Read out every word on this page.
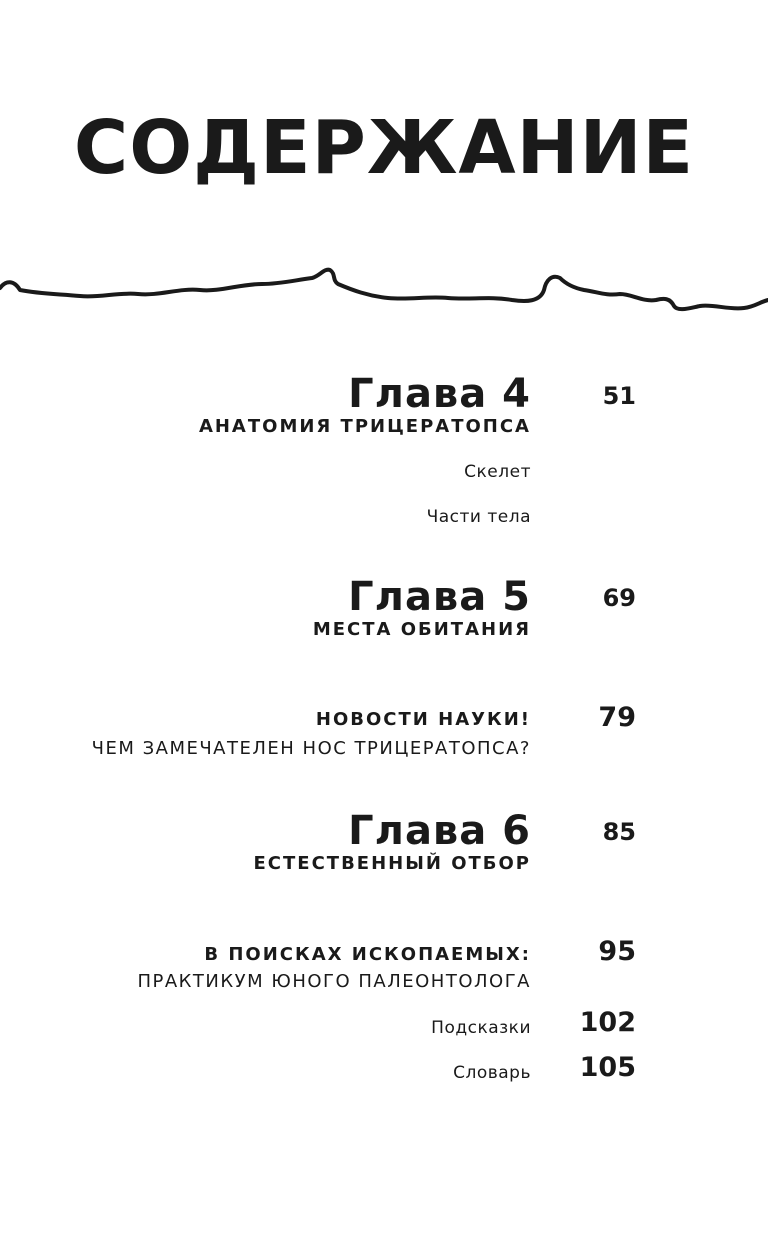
СОДЕРЖАНИЕ
Глава 4	51
АНАТОМИЯ ТРИЦЕРАТОПСА
Скелет
Части тела
Глава 5	69
МЕСТА ОБИТАНИЯ
НОВОСТИ НАУКИ! 79
ЧЕМ ЗАМЕЧАТЕЛЕН НОС ТРИЦЕРАТОПСА?
Глава 6	85
ЕСТЕСТВЕННЫЙ ОТБОР
В ПОИСКАХ ИСКОПАЕМЫХ: 95
ПРАКТИКУМ ЮНОГО ПАЛЕОНТОЛОГА
Подсказки 102
Словарь 105
